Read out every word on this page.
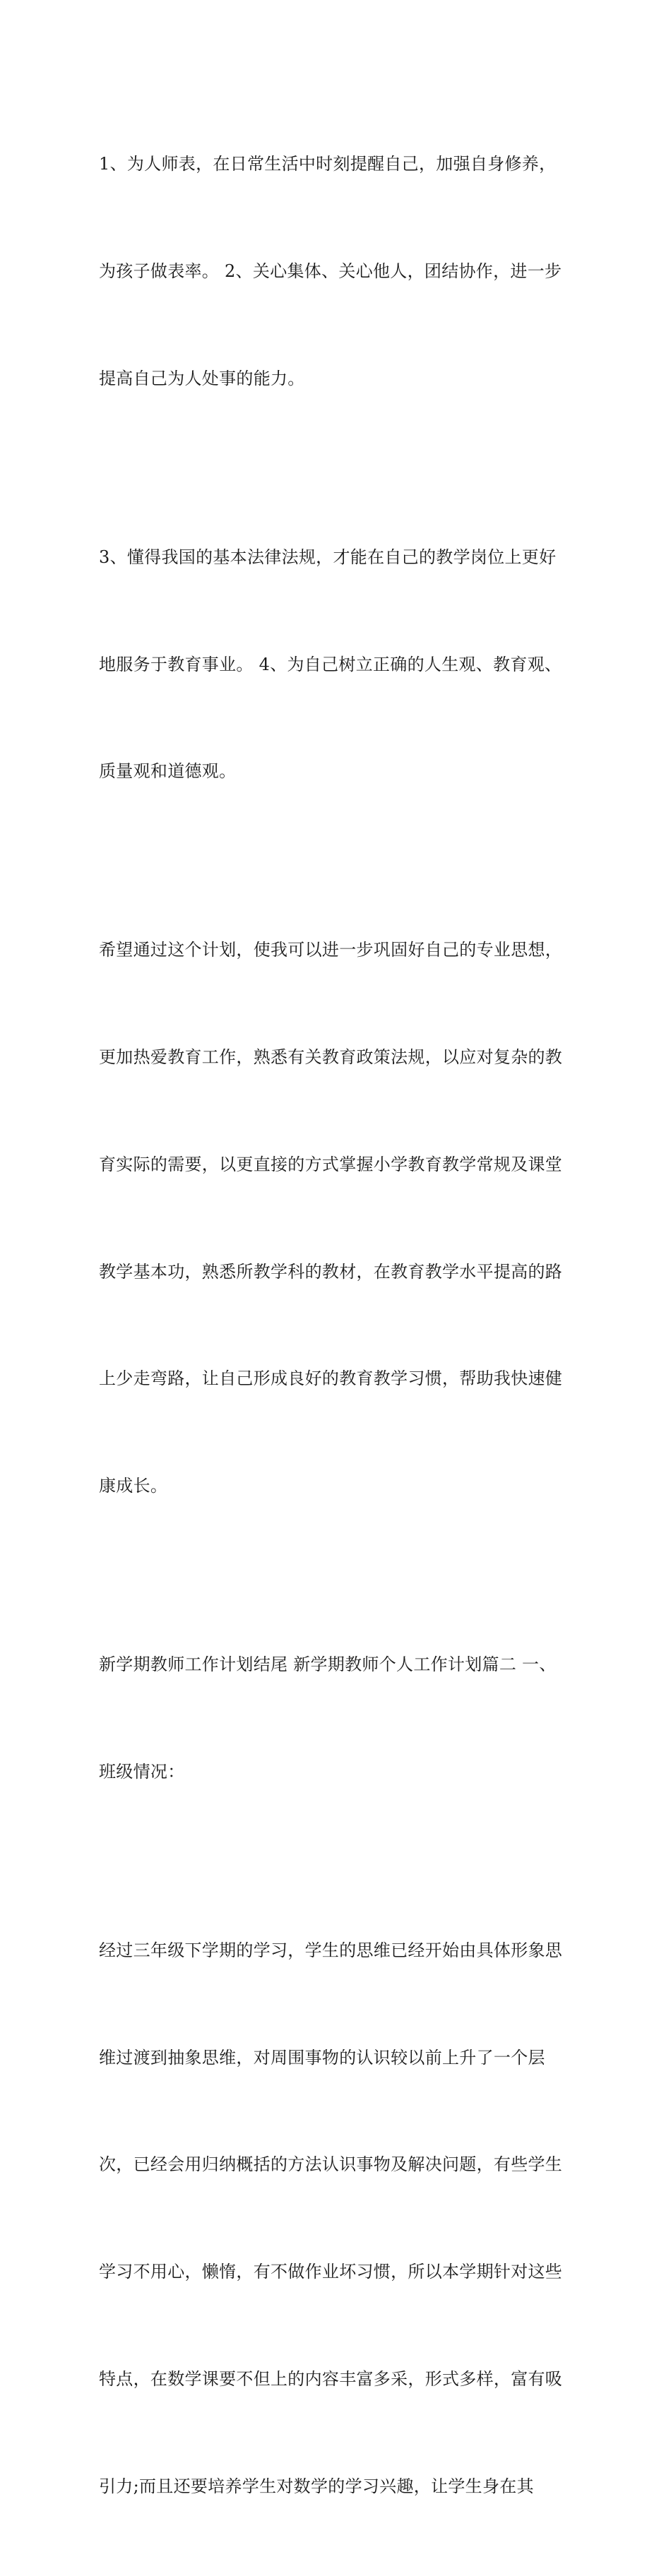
1、为人师表，在日常生活中时刻提醒自己，加强自身修养，

为孩子做表率。 2、关心集体、关心他人，团结协作，进一步

提高自己为人处事的能力。

3、懂得我国的基本法律法规，才能在自己的教学岗位上更好

地服务于教育事业。 4、为自己树立正确的人生观、教育观、

质量观和道德观。

希望通过这个计划，使我可以进一步巩固好自己的专业思想，

更加热爱教育工作，熟悉有关教育政策法规，以应对复杂的教

育实际的需要，以更直接的方式掌握小学教育教学常规及课堂

教学基本功，熟悉所教学科的教材，在教育教学水平提高的路

上少走弯路，让自己形成良好的教育教学习惯，帮助我快速健

康成长。

新学期教师工作计划结尾 新学期教师个人工作计划篇二 一、

班级情况：

经过三年级下学期的学习，学生的思维已经开始由具体形象思

维过渡到抽象思维，对周围事物的认识较以前上升了一个层

次，已经会用归纳概括的方法认识事物及解决问题，有些学生

学习不用心，懒惰，有不做作业坏习惯，所以本学期针对这些

特点，在数学课要不但上的内容丰富多采，形式多样，富有吸

引力;而且还要培养学生对数学的学习兴趣，让学生身在其
